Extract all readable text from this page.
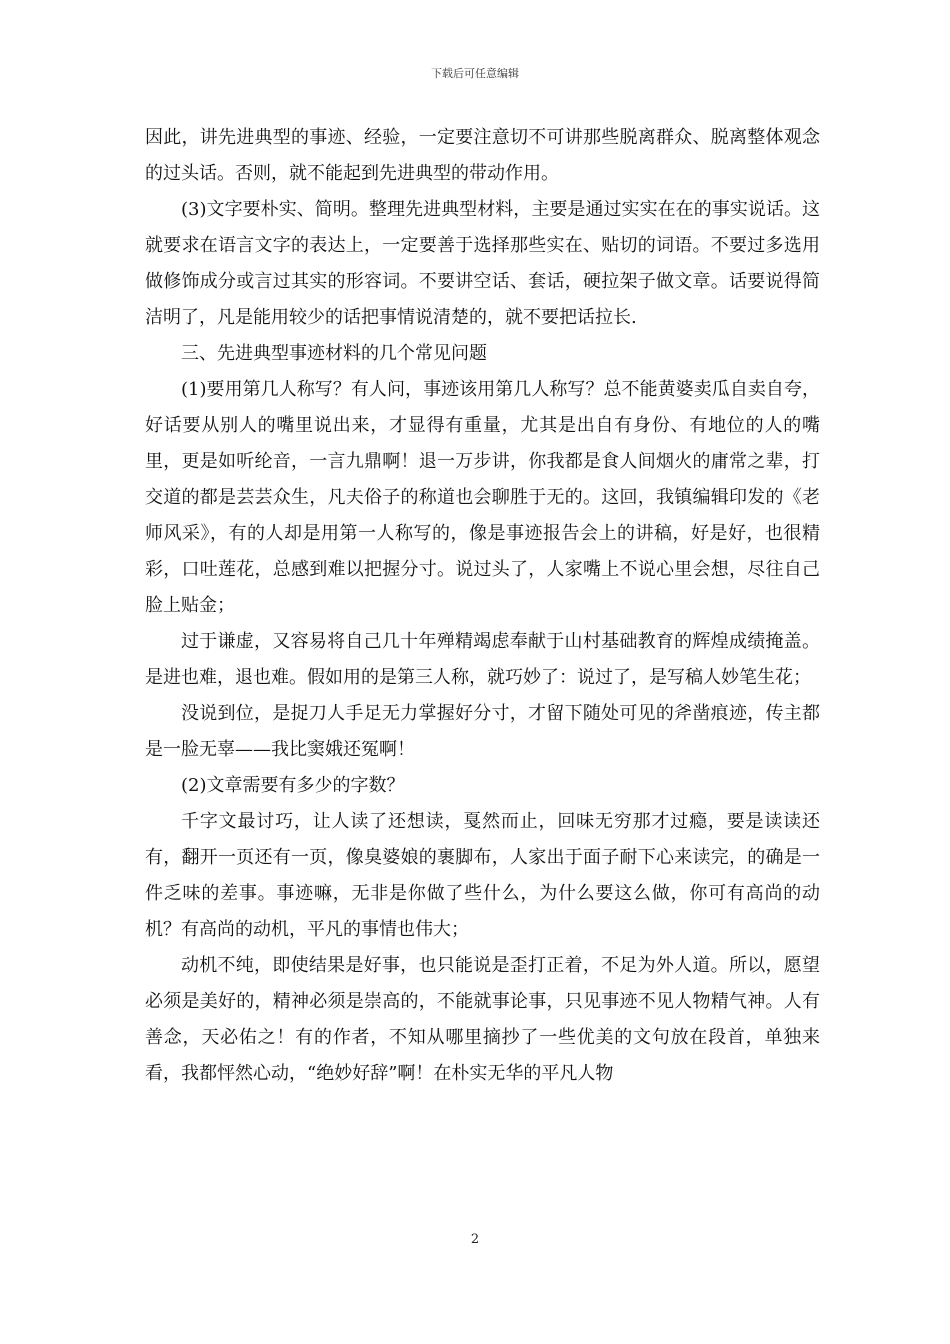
下载后可任意编辑

因此，讲先进典型的事迹、经验，一定要注意切不可讲那些脱离群众、脱离整体观念的过头话。否则，就不能起到先进典型的带动作用。

(3)文字要朴实、简明。整理先进典型材料，主要是通过实实在在的事实说话。这就要求在语言文字的表达上，一定要善于选择那些实在、贴切的词语。不要过多选用做修饰成分或言过其实的形容词。不要讲空话、套话，硬拉架子做文章。话要说得简洁明了，凡是能用较少的话把事情说清楚的，就不要把话拉长.

三、先进典型事迹材料的几个常见问题

(1)要用第几人称写？有人问，事迹该用第几人称写？总不能黄婆卖瓜自卖自夸，好话要从别人的嘴里说出来，才显得有重量，尤其是出自有身份、有地位的人的嘴里，更是如听纶音，一言九鼎啊！退一万步讲，你我都是食人间烟火的庸常之辈，打交道的都是芸芸众生，凡夫俗子的称道也会聊胜于无的。这回，我镇编辑印发的《老师风采》，有的人却是用第一人称写的，像是事迹报告会上的讲稿，好是好，也很精彩，口吐莲花，总感到难以把握分寸。说过头了，人家嘴上不说心里会想，尽往自己脸上贴金；

过于谦虚，又容易将自己几十年殚精竭虑奉献于山村基础教育的辉煌成绩掩盖。是进也难，退也难。假如用的是第三人称，就巧妙了：说过了，是写稿人妙笔生花；

没说到位，是捉刀人手足无力掌握好分寸，才留下随处可见的斧凿痕迹，传主都是一脸无辜——我比窦娥还冤啊！

(2)文章需要有多少的字数？

千字文最讨巧，让人读了还想读，戛然而止，回味无穷那才过瘾，要是读读还有，翻开一页还有一页，像臭婆娘的裹脚布，人家出于面子耐下心来读完，的确是一件乏味的差事。事迹嘛，无非是你做了些什么，为什么要这么做，你可有高尚的动机？有高尚的动机，平凡的事情也伟大；

动机不纯，即使结果是好事，也只能说是歪打正着，不足为外人道。所以，愿望必须是美好的，精神必须是崇高的，不能就事论事，只见事迹不见人物精气神。人有善念，天必佑之！有的作者，不知从哪里摘抄了一些优美的文句放在段首，单独来看，我都怦然心动，“绝妙好辞”啊！在朴实无华的平凡人物

2
